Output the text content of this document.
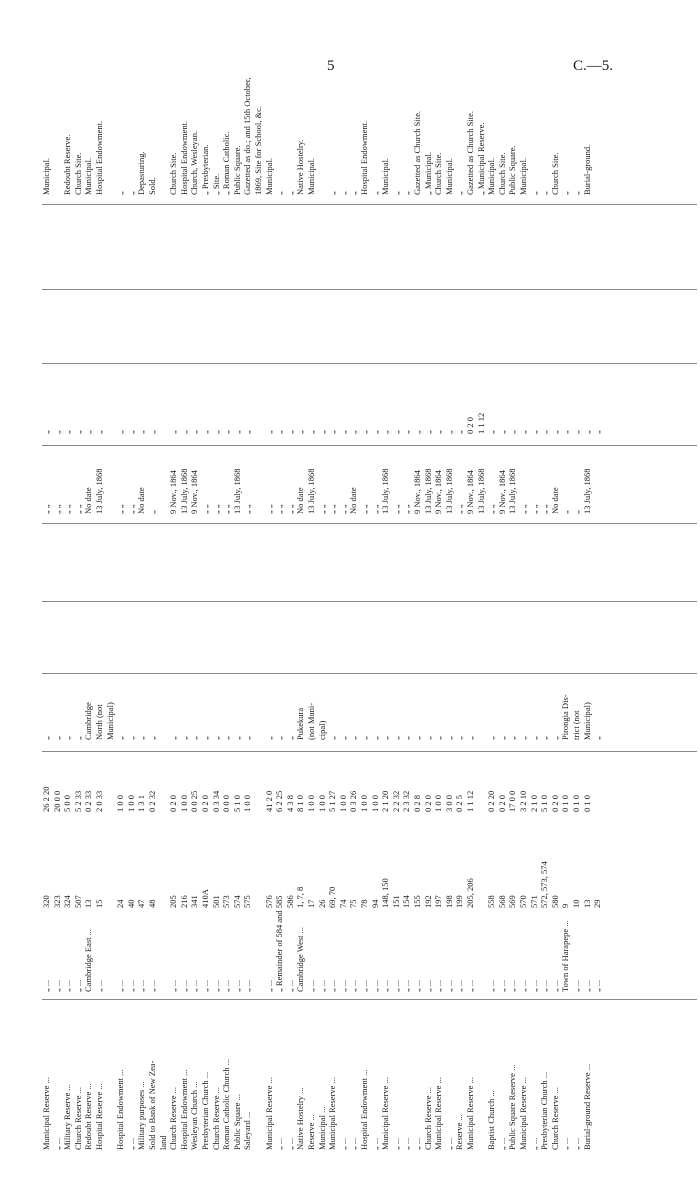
5	C.—5.
Municipal Reserve ...
„ ...
320
26 2 20
„
„ „
„
Municipal.
„ ...
„ ...
323
20 0 0
„
„ „
„
Military Reserve ...
„ ...
324
5 0 0
„
„ „
„
Redoubt Reserve.
Church Reserve ...
„ ...
507
5 2 33
„
„ „
„
Church Site.
Redoubt Reserve ...
Cambridge East ...
13
0 2 33
Cambridge
No date
„
Municipal.
Hospital Reserve ...
„ ...
15
2 0 33
North (not
13 July, 1868
„
Hospital Endowment.
Municipal)
Hospital Endowment ...
„ ...
24
1 0 0
„
„ „
„
„
„ ...
„ ...
40
1 0 0
„
„ „
„
„
Military purposes ...
„ ...
47
1 3 1
„
No date
„
Depasturing.
Sold to Bank of New Zea-
„ ...
48
0 2 32
„
„
„
Sold.
land Church Reserve ...
„ ...
205
0 2 0
„
9 Nov., 1864
„
Church Site.
Hospital Endowment ...
„ ...
216
1 0 0
„
13 July, 1868
„
Hospital Endowment.
Wesleyan Church ...
„ ...
341
0 0 25
„
9 Nov., 1864
„
Church, Wesleyan.
Presbyterian Church ...
„ ...
410A
0 2 0
„
„ „
„
„ Presbyterian.
Church Reserve ...
„ ...
501
0 3 34
„
„ „
„
„ Site.
Roman Catholic Church ...
„ ...
573
0 0 0
„
„ „
„
„ Roman Catholic.
Public Square ...
„ ...
574
5 1 0
„
13 July, 1868
„
Public Square.
Saleyard ...
„ ...
575
1 0 0
„
„ „
„
Gazetted as do.; and 15th October, 1869, Site for School, &c.
Municipal Reserve ...
„ ...
576
41 2 0
„
„ „
„
Municipal.
„ ...
„ Remainder of 584 and 585
6 2 25
„
„ „
„
„
„ ...
„ ...
586
4 3 8
„
„ „
„
„
Native Hostelry ...
Cambridge West ...
1, 7, 8
8 1 0
Pukekura
No date
„
Native Hostelry.
Reserve ...
„ ...
17
1 0 0
(not Muni-
13 July, 1868
„
Municipal.
Municipal ...
„ ...
26
1 0 0
cipal)
„ „
„
Municipal Reserve ...
„ ...
69, 70
5 1 27
„
„ „
„
„
„ ...
„ ...
74
1 0 0
„
„ „
„
„
„ ...
„ ...
75
0 3 26
„
No date
„
„
Hospital Endowment ...
„ ...
78
1 0 0
„
„ „
„
Hospital Endowment.
„ ...
„ ...
94
1 0 0
„
„ „
„
„
Municipal Reserve ...
„ ...
148, 150
2 1 20
„
13 July, 1868
„
Municipal.
„ ...
„ ...
151
2 2 32
„
„ „
„
„
„ ...
„ ...
154
2 3 32
„
„ „
„
„
„ ...
„ ...
155
0 2 8
„
9 Nov., 1864
„
Gazetted as Church Site.
Church Reserve ...
„ ...
192
0 2 0
„
13 July, 1868
„
„ Municipal.
Municipal Reserve ...
„ ...
197
1 0 0
„
9 Nov., 1864
„
Church Site.
„ ...
„ ...
198
3 0 0
„
13 July, 1868
„
Municipal.
Reserve ...
„ ...
199
0 2 5
„
„ „
„
„
Municipal Reserve ...
„ ...
205, 206
1 1 12
„
9 Nov., 1864
0 2 0
Gazetted as Church Site.
13 July, 1868
1 1 12
„ Municipal Reserve.
Baptist Church ...
„ ...
558
0 2 20
„
„ „
„
Municipal.
„ ...
„ ...
568
0 2 0
„
9 Nov., 1864
„
Church Site.
Public Square Reserve ...
„ ...
569
17 0 0
„
13 July, 1868
„
Public Square.
Municipal Reserve ...
„ ...
570
3 2 10
„
„ „
„
Municipal.
„ ...
„ ...
571
2 1 0
„
„ „
„
„
Presbyterian Church ...
„ ...
572, 573, 574
5 1 0
„
„ „
„
„
Church Reserve ...
„ ...
580
0 2 0
„
No date
„
Church Site.
„ ...
Town of Harapepe ...
9
0 1 0
Pirongia Dis-
„
„
„
„ ...
„ ...
10
0 1 0
trict (not
„
„
„
Burial-ground Reserve ...
„ ...
13
0 1 0
Municipal)
13 July, 1868
„
Burial-ground.
„ ...
29
„
„
